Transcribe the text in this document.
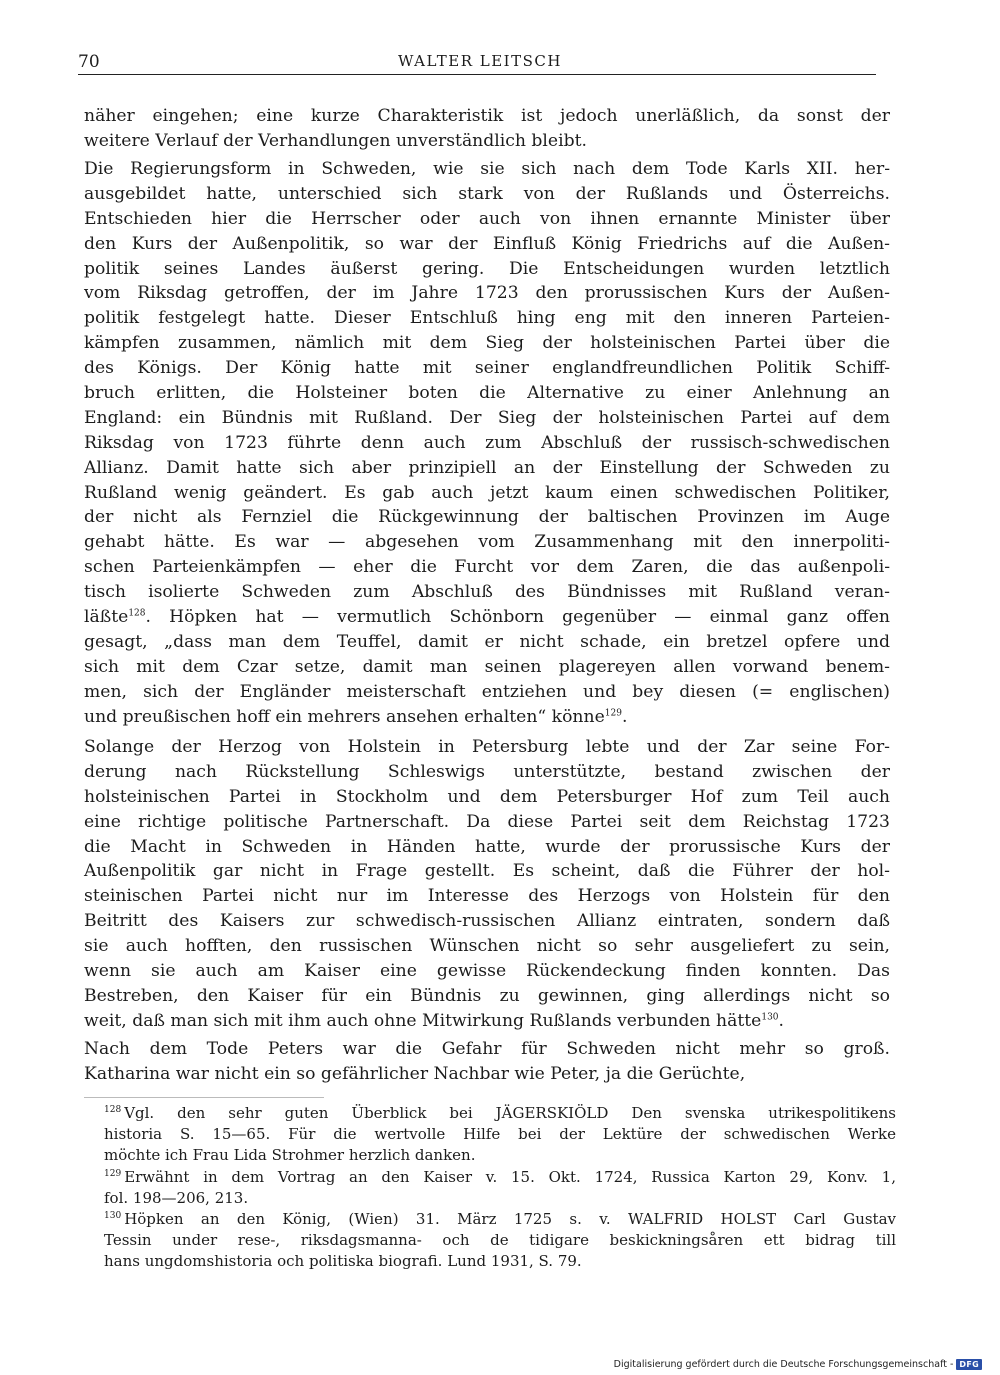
70	WALTER LEITSCH
näher eingehen; eine kurze Charakteristik ist jedoch unerläßlich, da sonst der
weitere Verlauf der Verhandlungen unverständlich bleibt.
Die Regierungsform in Schweden, wie sie sich nach dem Tode Karls XII. her-
ausgebildet hatte, unterschied sich stark von der Rußlands und Österreichs.
Entschieden hier die Herrscher oder auch von ihnen ernannte Minister über
den Kurs der Außenpolitik, so war der Einfluß König Friedrichs auf die Außen-
politik seines Landes äußerst gering. Die Entscheidungen wurden letztlich
vom Riksdag getroffen, der im Jahre 1723 den prorussischen Kurs der Außen-
politik festgelegt hatte. Dieser Entschluß hing eng mit den inneren Parteien-
kämpfen zusammen, nämlich mit dem Sieg der holsteinischen Partei über die
des Königs. Der König hatte mit seiner englandfreundlichen Politik Schiff-
bruch erlitten, die Holsteiner boten die Alternative zu einer Anlehnung an
England: ein Bündnis mit Rußland. Der Sieg der holsteinischen Partei auf dem
Riksdag von 1723 führte denn auch zum Abschluß der russisch-schwedischen
Allianz. Damit hatte sich aber prinzipiell an der Einstellung der Schweden zu
Rußland wenig geändert. Es gab auch jetzt kaum einen schwedischen Politiker,
der nicht als Fernziel die Rückgewinnung der baltischen Provinzen im Auge
gehabt hätte. Es war — abgesehen vom Zusammenhang mit den innerpoliti-
schen Parteienkämpfen — eher die Furcht vor dem Zaren, die das außenpoli-
tisch isolierte Schweden zum Abschluß des Bündnisses mit Rußland veran-
läßte$^{128}$. Höpken hat — vermutlich Schönborn gegenüber — einmal ganz offen
gesagt, „dass man dem Teuffel, damit er nicht schade, ein bretzel opfere und
sich mit dem Czar setze, damit man seinen plagereyen allen vorwand benem-
men, sich der Engländer meisterschaft entziehen und bey diesen (= englischen)
und preußischen hoff ein mehrers ansehen erhalten“ könne$^{129}$.
Solange der Herzog von Holstein in Petersburg lebte und der Zar seine For-
derung nach Rückstellung Schleswigs unterstützte, bestand zwischen der
holsteinischen Partei in Stockholm und dem Petersburger Hof zum Teil auch
eine richtige politische Partnerschaft. Da diese Partei seit dem Reichstag 1723
die Macht in Schweden in Händen hatte, wurde der prorussische Kurs der
Außenpolitik gar nicht in Frage gestellt. Es scheint, daß die Führer der hol-
steinischen Partei nicht nur im Interesse des Herzogs von Holstein für den
Beitritt des Kaisers zur schwedisch-russischen Allianz eintraten, sondern daß
sie auch hofften, den russischen Wünschen nicht so sehr ausgeliefert zu sein,
wenn sie auch am Kaiser eine gewisse Rückendeckung finden konnten. Das
Bestreben, den Kaiser für ein Bündnis zu gewinnen, ging allerdings nicht so
weit, daß man sich mit ihm auch ohne Mitwirkung Rußlands verbunden hätte$^{130}$.
Nach dem Tode Peters war die Gefahr für Schweden nicht mehr so groß.
Katharina war nicht ein so gefährlicher Nachbar wie Peter, ja die Gerüchte,
$^{128}$ Vgl. den sehr guten Überblick bei JÄGERSKIÖLD Den svenska utrikespolitikens
historia S. 15—65. Für die wertvolle Hilfe bei der Lektüre der schwedischen Werke
möchte ich Frau Lida Strohmer herzlich danken.
$^{129}$ Erwähnt in dem Vortrag an den Kaiser v. 15. Okt. 1724, Russica Karton 29, Konv. 1,
fol. 198—206, 213.
$^{130}$ Höpken an den König, (Wien) 31. März 1725 s. v. WALFRID HOLST Carl Gustav
Tessin under rese-, riksdagsmanna- och de tidigare beskickningsåren ett bidrag till
hans ungdomshistoria och politiska biografi. Lund 1931, S. 79.
Digitalisierung gefördert durch die Deutsche Forschungsgemeinschaft - DFG
